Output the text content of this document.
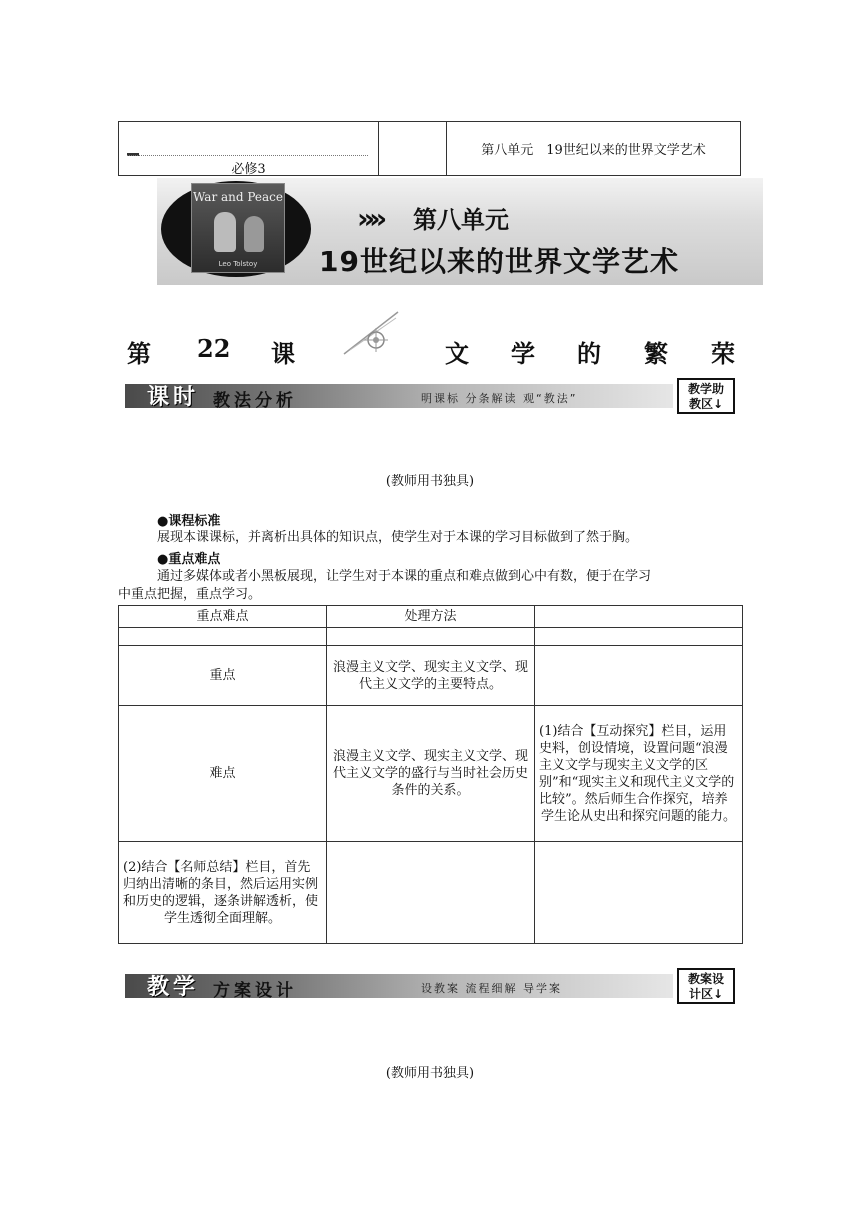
必修3
第八单元　19世纪以来的世界文学艺术
War and Peace
Leo Tolstoy
»» 第八单元
19世纪以来的世界文学艺术
第 22 课	文 学 的 繁 荣
课时 教法分析	明课标 分条解读 观“教法”
教学助
教区↓
(教师用书独具)
●课程标准
展现本课课标，并离析出具体的知识点，使学生对于本课的学习目标做到了然于胸。
●重点难点
通过多媒体或者小黑板展现，让学生对于本课的重点和难点做到心中有数，便于在学习
中重点把握，重点学习。
重点难点	处理方法	

重点	浪漫主义文学、现实主义文学、现代主义文学的主要特点。	
难点	浪漫主义文学、现实主义文学、现代主义文学的盛行与当时社会历史条件的关系。	(1)结合【互动探究】栏目，运用史料，创设情境，设置问题“浪漫主义文学与现实主义文学的区别”和“现实主义和现代主义文学的比较”。然后师生合作探究，培养学生论从史出和探究问题的能力。
(2)结合【名师总结】栏目，首先归纳出清晰的条目，然后运用实例和历史的逻辑，逐条讲解透析，使学生透彻全面理解。		
教学 方案设计	设教案 流程细解 导学案
教案设
计区↓
(教师用书独具)
